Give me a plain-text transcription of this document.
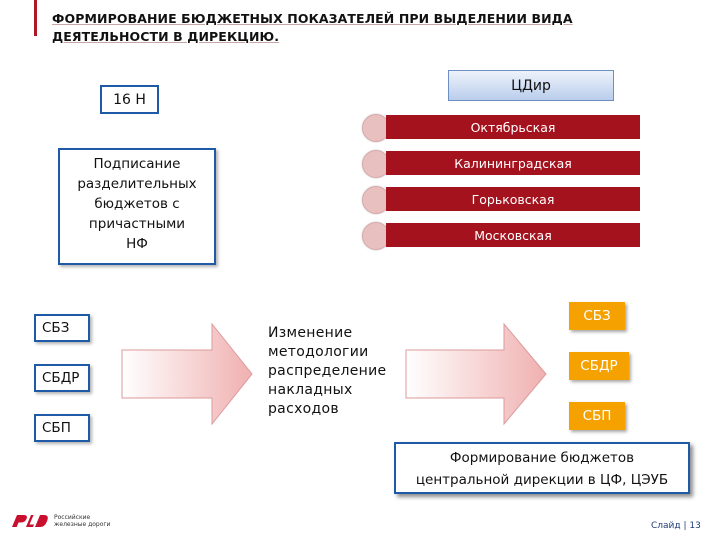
ФОРМИРОВАНИЕ БЮДЖЕТНЫХ ПОКАЗАТЕЛЕЙ ПРИ ВЫДЕЛЕНИИ ВИДА
ДЕЯТЕЛЬНОСТИ В ДИРЕКЦИЮ.
16 Н
ЦДир
Октябрьская
Калининградская
Горьковская
Московская
Подписание
разделительных
бюджетов с
причастными
НФ
СБЗ
СБДР
СБП
Изменение
методологии
распределение
накладных
расходов
СБЗ
СБДР
СБП
Формирование бюджетов
центральной дирекции в ЦФ, ЦЭУБ
Российские
железные дороги	Слайд | 13
